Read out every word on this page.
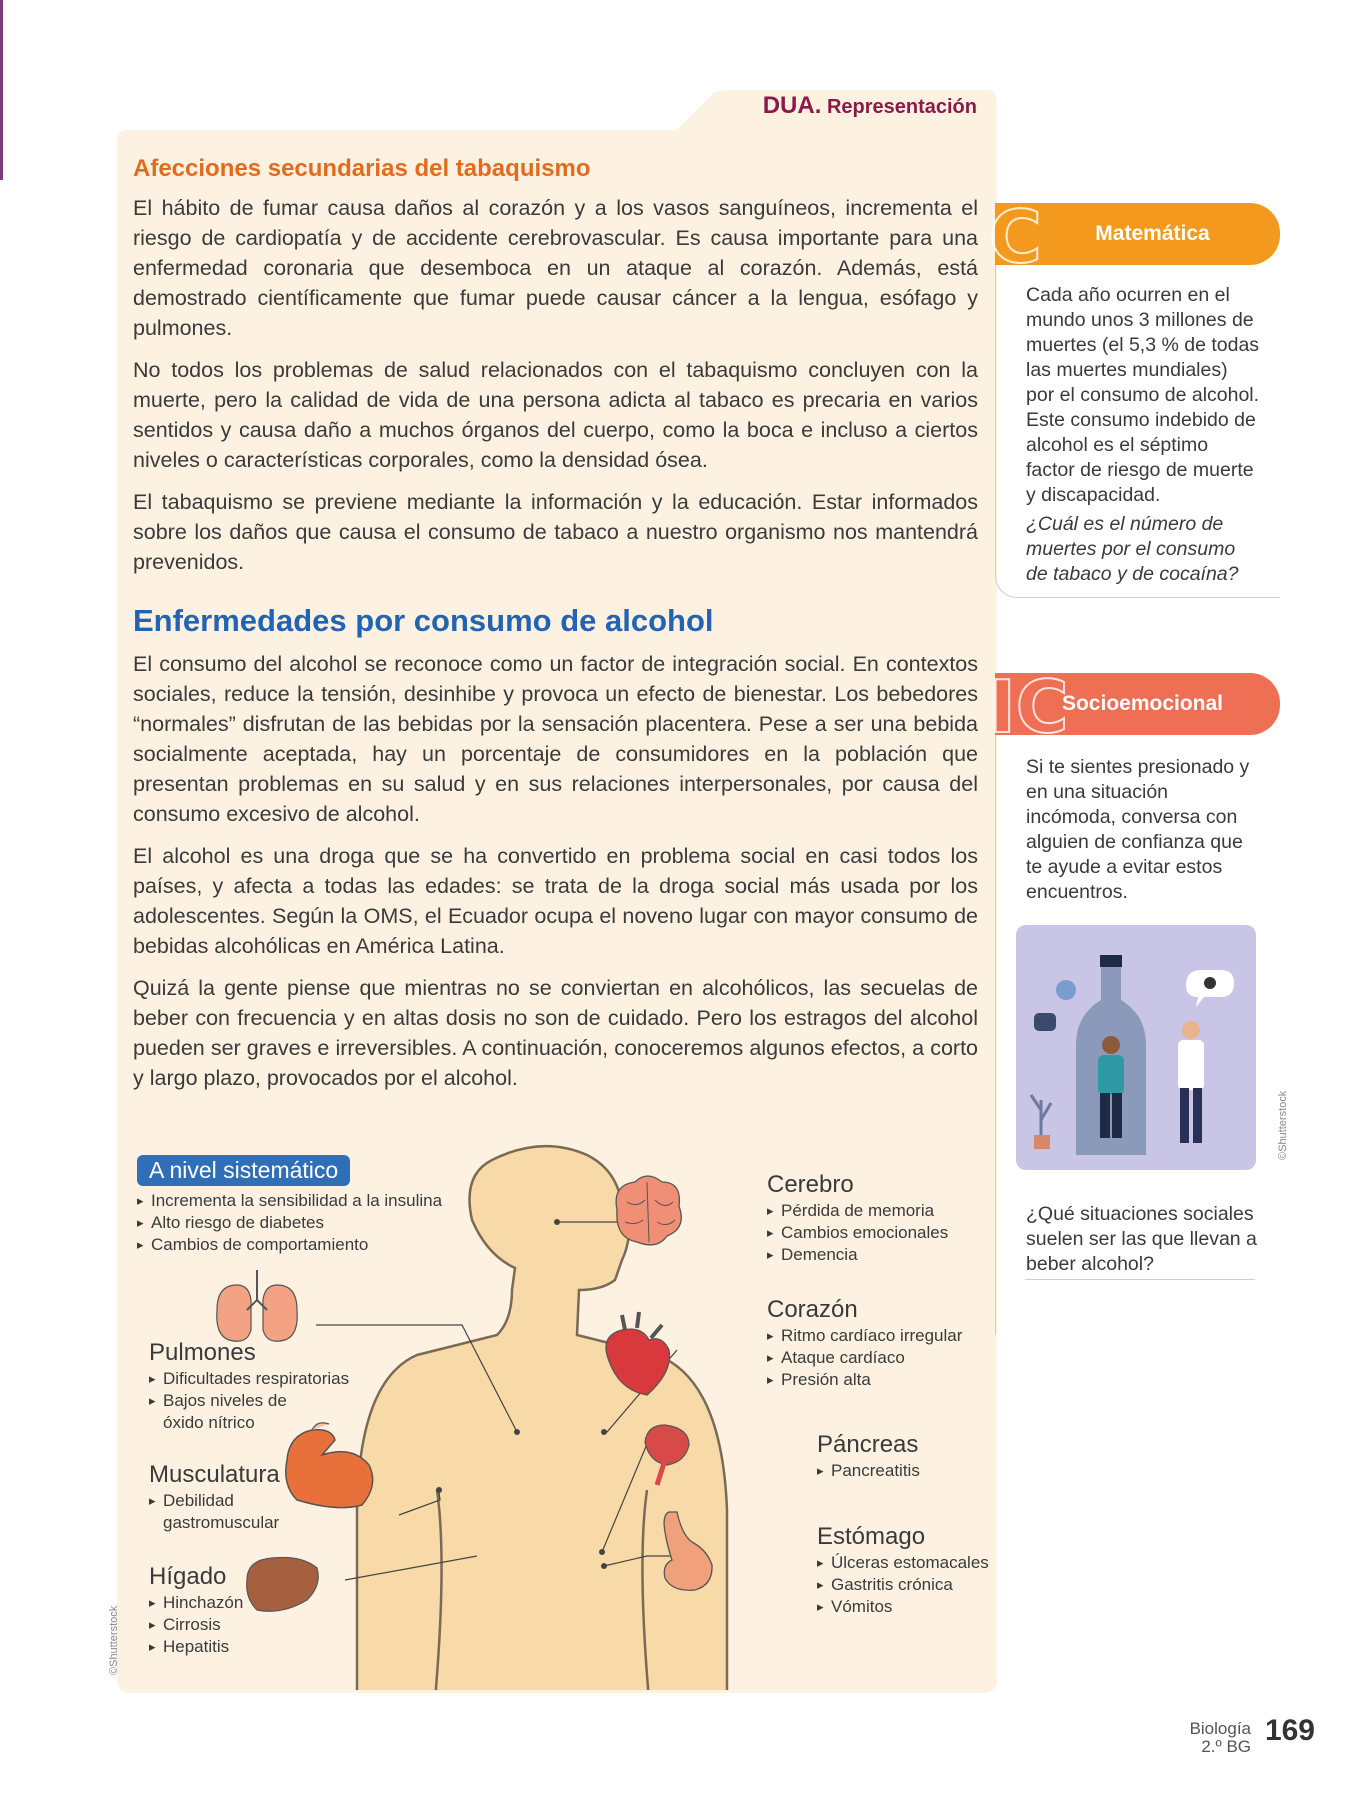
DUA. Representación
Afecciones secundarias del tabaquismo

El hábito de fumar causa daños al corazón y a los vasos sanguíneos, incrementa el riesgo de cardiopatía y de accidente cerebrovascular. Es causa importante para una enfermedad coronaria que desemboca en un ataque al corazón. Además, está demostrado científicamente que fumar puede causar cáncer a la lengua, esófago y pulmones.

No todos los problemas de salud relacionados con el tabaquismo concluyen con la muerte, pero la calidad de vida de una persona adicta al tabaco es precaria en varios sentidos y causa daño a muchos órganos del cuerpo, como la boca e incluso a ciertos niveles o características corporales, como la densidad ósea.

El tabaquismo se previene mediante la información y la educación. Estar informados sobre los daños que causa el consumo de tabaco a nuestro organismo nos mantendrá prevenidos.

Enfermedades por consumo de alcohol

El consumo del alcohol se reconoce como un factor de integración social. En contextos sociales, reduce la tensión, desinhibe y provoca un efecto de bienestar. Los bebedores “normales” disfrutan de las bebidas por la sensación placentera. Pese a ser una bebida socialmente aceptada, hay un porcentaje de consumidores en la población que presentan problemas en su salud y en sus relaciones interpersonales, por causa del consumo excesivo de alcohol.

El alcohol es una droga que se ha convertido en problema social en casi todos los países, y afecta a todas las edades: se trata de la droga social más usada por los adolescentes. Según la OMS, el Ecuador ocupa el noveno lugar con mayor consumo de bebidas alcohólicas en América Latina.

Quizá la gente piense que mientras no se conviertan en alcohólicos, las secuelas de beber con frecuencia y en altas dosis no son de cuidado. Pero los estragos del alcohol pueden ser graves e irreversibles. A continuación, conoceremos algunos efectos, a corto y largo plazo, provocados por el alcohol.

A nivel sistemático
▸ Incrementa la sensibilidad a la insulina
▸ Alto riesgo de diabetes
▸ Cambios de comportamiento
Pulmones
▸ Dificultades respiratorias
▸ Bajos niveles de óxido nítrico
Musculatura
▸ Debilidad gastromuscular
Hígado
▸ Hinchazón
▸ Cirrosis
▸ Hepatitis
Cerebro
▸ Pérdida de memoria
▸ Cambios emocionales
▸ Demencia
Corazón
▸ Ritmo cardíaco irregular
▸ Ataque cardíaco
▸ Presión alta
Páncreas
▸ Pancreatitis
Estómago
▸ Úlceras estomacales
▸ Gastritis crónica
▸ Vómitos
©Shutterstock
C	Matemática

Cada año ocurren en el mundo unos 3 millones de muertes (el 5,3 % de todas las muertes mundiales) por el consumo de alcohol. Este consumo indebido de alcohol es el séptimo factor de riesgo de muerte y discapacidad.

¿Cuál es el número de muertes por el consumo de tabaco y de cocaína?

IC
Socioemocional

Si te sientes presionado y en una situación incómoda, conversa con alguien de confianza que te ayude a evitar estos encuentros.

¿Qué situaciones sociales suelen ser las que llevan a beber alcohol?

©Shutterstock
Biología
2.º BG 169
